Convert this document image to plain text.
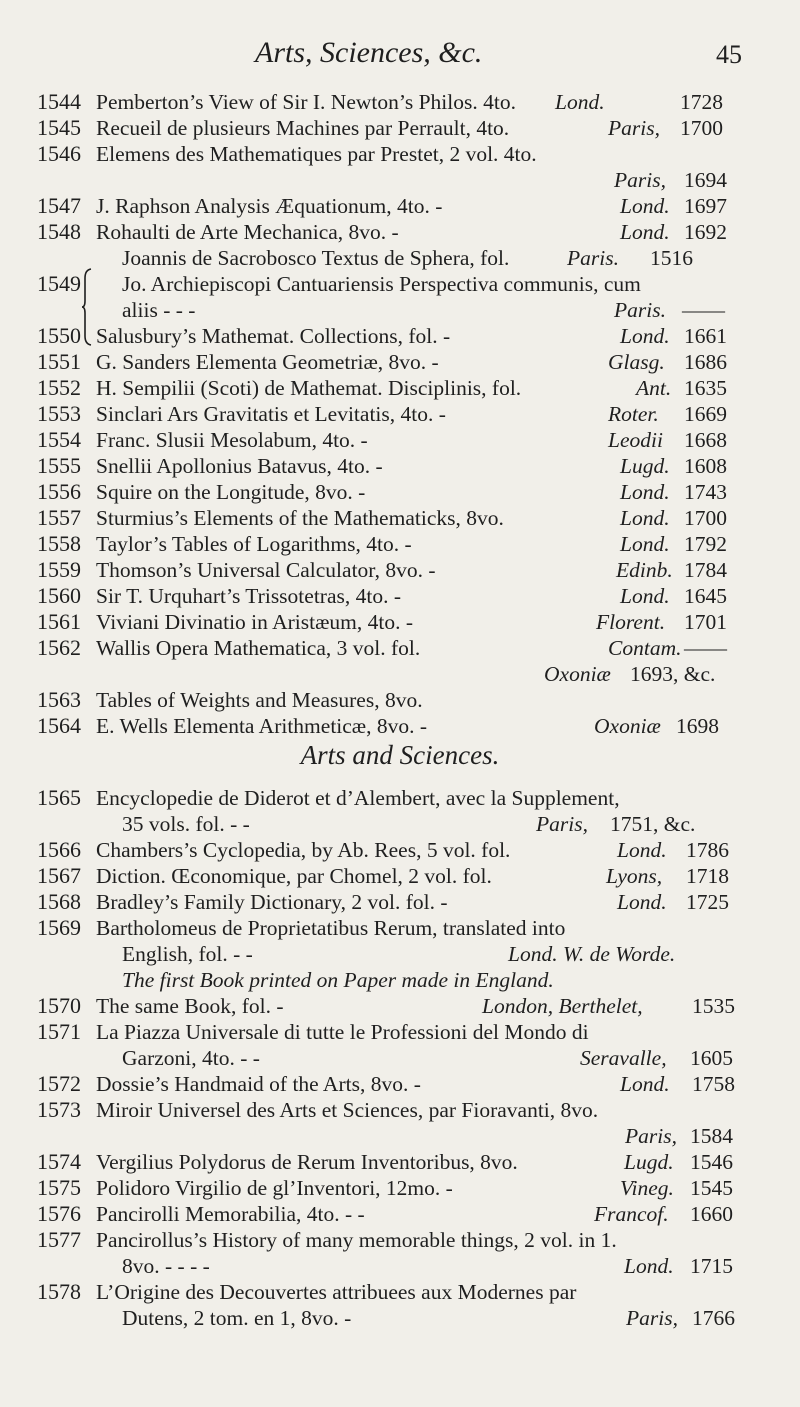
Arts, Sciences, &c.	45
1544 Pemberton’s View of Sir I. Newton’s Philos. 4to. Lond.	1728
1545 Recueil de plusieurs Machines par Perrault, 4to.	Paris, 1700
1546 Elemens des Mathematiques par Prestet, 2 vol. 4to.
Paris, 1694
1547 J. Raphson Analysis Æquationum, 4to. -	Lond. 1697
1548 Rohaulti de Arte Mechanica, 8vo. -	Lond. 1692
Joannis de Sacrobosco Textus de Sphera, fol.	Paris. 1516
1549	Jo. Archiepiscopi Cantuariensis Perspectiva communis, cum
aliis - - -	Paris. ——
1550 Salusbury’s Mathemat. Collections, fol. -	Lond. 1661
1551 G. Sanders Elementa Geometriæ, 8vo. -	Glasg. 1686
1552 H. Sempilii (Scoti) de Mathemat. Disciplinis, fol.	Ant. 1635
1553 Sinclari Ars Gravitatis et Levitatis, 4to. -	Roter. 1669
1554 Franc. Slusii Mesolabum, 4to. -	Leodii 1668
1555 Snellii Apollonius Batavus, 4to. -	Lugd. 1608
1556 Squire on the Longitude, 8vo. -	Lond. 1743
1557 Sturmius’s Elements of the Mathematicks, 8vo.	Lond. 1700
1558 Taylor’s Tables of Logarithms, 4to. -	Lond. 1792
1559 Thomson’s Universal Calculator, 8vo. -	Edinb. 1784
1560 Sir T. Urquhart’s Trissotetras, 4to. -	Lond. 1645
1561 Viviani Divinatio in Aristæum, 4to. -	Florent. 1701
1562 Wallis Opera Mathematica, 3 vol. fol.	Contam. ——
Oxoniæ 1693, &c.
1563 Tables of Weights and Measures, 8vo.
1564 E. Wells Elementa Arithmeticæ, 8vo. -	Oxoniæ 1698
Arts and Sciences.
1565 Encyclopedie de Diderot et d’Alembert, avec la Supplement,
35 vols. fol. - -	Paris, 1751, &c.
1566 Chambers’s Cyclopedia, by Ab. Rees, 5 vol. fol.	Lond. 1786
1567 Diction. Œconomique, par Chomel, 2 vol. fol.	Lyons, 1718
1568 Bradley’s Family Dictionary, 2 vol. fol. -	Lond. 1725
1569 Bartholomeus de Proprietatibus Rerum, translated into
English, fol. - -	Lond. W. de Worde.
The first Book printed on Paper made in England.
1570 The same Book, fol. -	London, Berthelet, 1535
1571 La Piazza Universale di tutte le Professioni del Mondo di
Garzoni, 4to. - -	Seravalle, 1605
1572 Dossie’s Handmaid of the Arts, 8vo. -	Lond. 1758
1573 Miroir Universel des Arts et Sciences, par Fioravanti, 8vo.
Paris, 1584
1574 Vergilius Polydorus de Rerum Inventoribus, 8vo.	Lugd. 1546
1575 Polidoro Virgilio de gl’Inventori, 12mo. -	Vineg. 1545
1576 Pancirolli Memorabilia, 4to. - -	Francof. 1660
1577 Pancirollus’s History of many memorable things, 2 vol. in 1.
8vo. - - - -	Lond. 1715
1578 L’Origine des Decouvertes attribuees aux Modernes par
Dutens, 2 tom. en 1, 8vo. -	Paris, 1766
